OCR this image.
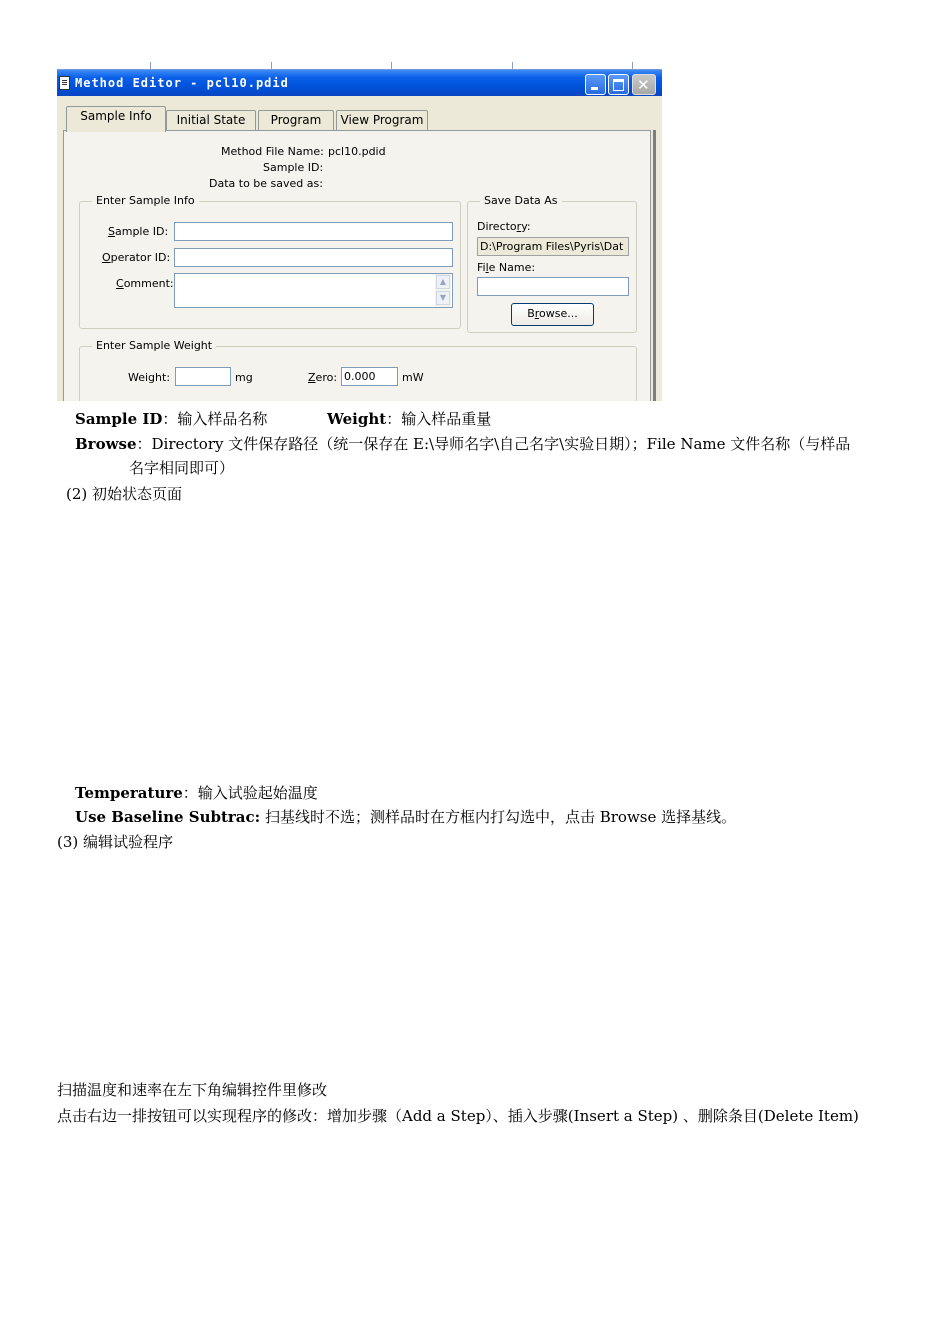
Method Editor - pcl10.pdid	✕
Sample Info	Initial State	Program	View Program
Method File Name: pcl10.pdid
Sample ID:
Data to be saved as:
Enter Sample Info
Sample ID:
Operator ID:
Comment:	▲
▼
Save Data As
Directory:
D:\Program Files\Pyris\Dat
File Name:
Browse...
Enter Sample Weight
Weight:	mg	Zero: 0.000	mW
Sample ID：输入样品名称	Weight：输入样品重量
Browse：Directory 文件保存路径（统一保存在 E:\导师名字\自己名字\实验日期）；File Name 文件名称（与样品
名字相同即可）
(2) 初始状态页面
Temperature：输入试验起始温度
Use Baseline Subtrac: 扫基线时不选；测样品时在方框内打勾选中，点击 Browse 选择基线。
(3) 编辑试验程序
扫描温度和速率在左下角编辑控件里修改
点击右边一排按钮可以实现程序的修改：增加步骤（Add a Step）、插入步骤(Insert a Step) 、删除条目(Delete Item)
